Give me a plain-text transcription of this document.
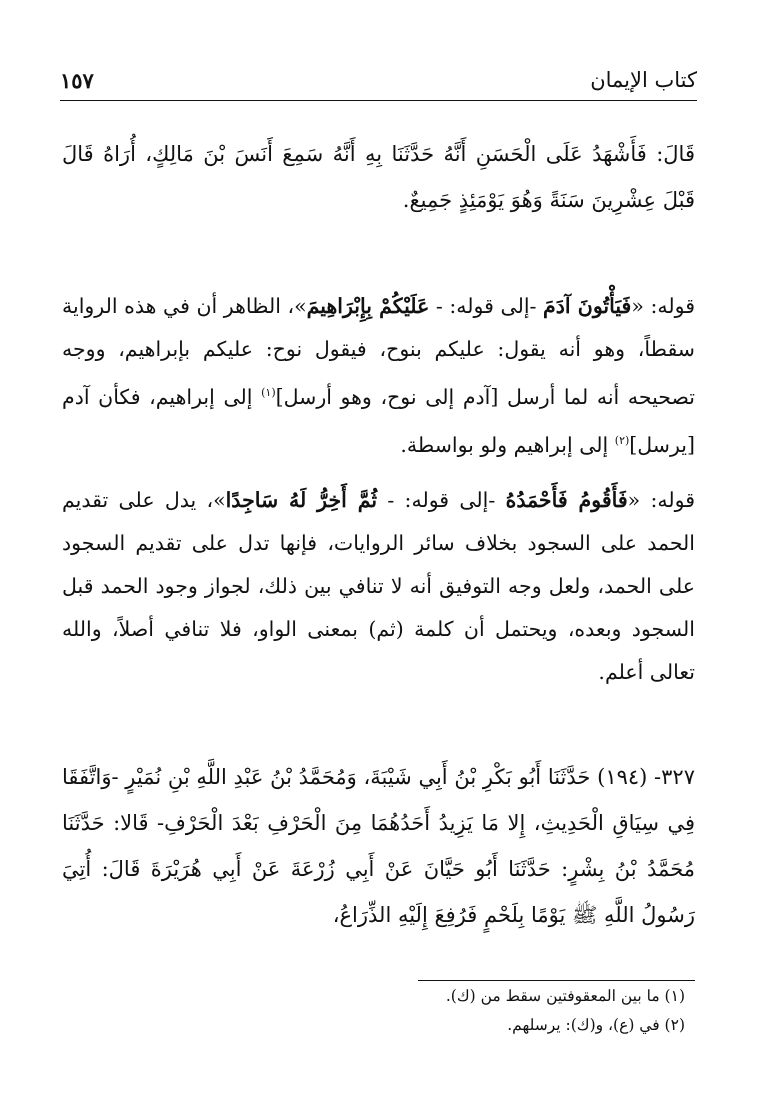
كتاب الإيمان
١٥٧
قَالَ: فَأَشْهَدُ عَلَى الْحَسَنِ أَنَّهُ حَدَّثَنَا بِهِ أَنَّهُ سَمِعَ أَنَسَ بْنَ مَالِكٍ، أُرَاهُ قَالَ قَبْلَ عِشْرِينَ سَنَةً وَهُوَ يَوْمَئِذٍ جَمِيعٌ.
قوله: «فَيَأْتُونَ آدَمَ -إلى قوله: - عَلَيْكُمْ بِإِبْرَاهِيمَ»، الظاهر أن في هذه الرواية سقطاً، وهو أنه يقول: عليكم بنوح، فيقول نوح: عليكم بإبراهيم، ووجه تصحيحه أنه لما أرسل [آدم إلى نوح، وهو أرسل]$^{(١)}$ إلى إبراهيم، فكأن آدم [يرسل]$^{(٢)}$ إلى إبراهيم ولو بواسطة.
قوله: «فَأَقُومُ فَأَحْمَدُهُ -إلى قوله: - ثُمَّ أَخِرُّ لَهُ سَاجِدًا»، يدل على تقديم الحمد على السجود بخلاف سائر الروايات، فإنها تدل على تقديم السجود على الحمد، ولعل وجه التوفيق أنه لا تنافي بين ذلك، لجواز وجود الحمد قبل السجود وبعده، ويحتمل أن كلمة (ثم) بمعنى الواو، فلا تنافي أصلاً، والله تعالى أعلم.
٣٢٧- (١٩٤) حَدَّثَنَا أَبُو بَكْرِ بْنُ أَبِي شَيْبَةَ، وَمُحَمَّدُ بْنُ عَبْدِ اللَّهِ بْنِ نُمَيْرٍ -وَاتَّفَقَا فِي سِيَاقِ الْحَدِيثِ، إِلا مَا يَزِيدُ أَحَدُهُمَا مِنَ الْحَرْفِ بَعْدَ الْحَرْفِ- قَالا: حَدَّثَنَا مُحَمَّدُ بْنُ بِشْرٍ: حَدَّثَنَا أَبُو حَيَّانَ عَنْ أَبِي زُرْعَةَ عَنْ أَبِي هُرَيْرَةَ قَالَ: أُتِيَ رَسُولُ اللَّهِ ﷺ يَوْمًا بِلَحْمٍ فَرُفِعَ إِلَيْهِ الذِّرَاعُ،
(١) ما بين المعقوفتين سقط من (ك).
(٢) في (ع)، و(ك): يرسلهم.
